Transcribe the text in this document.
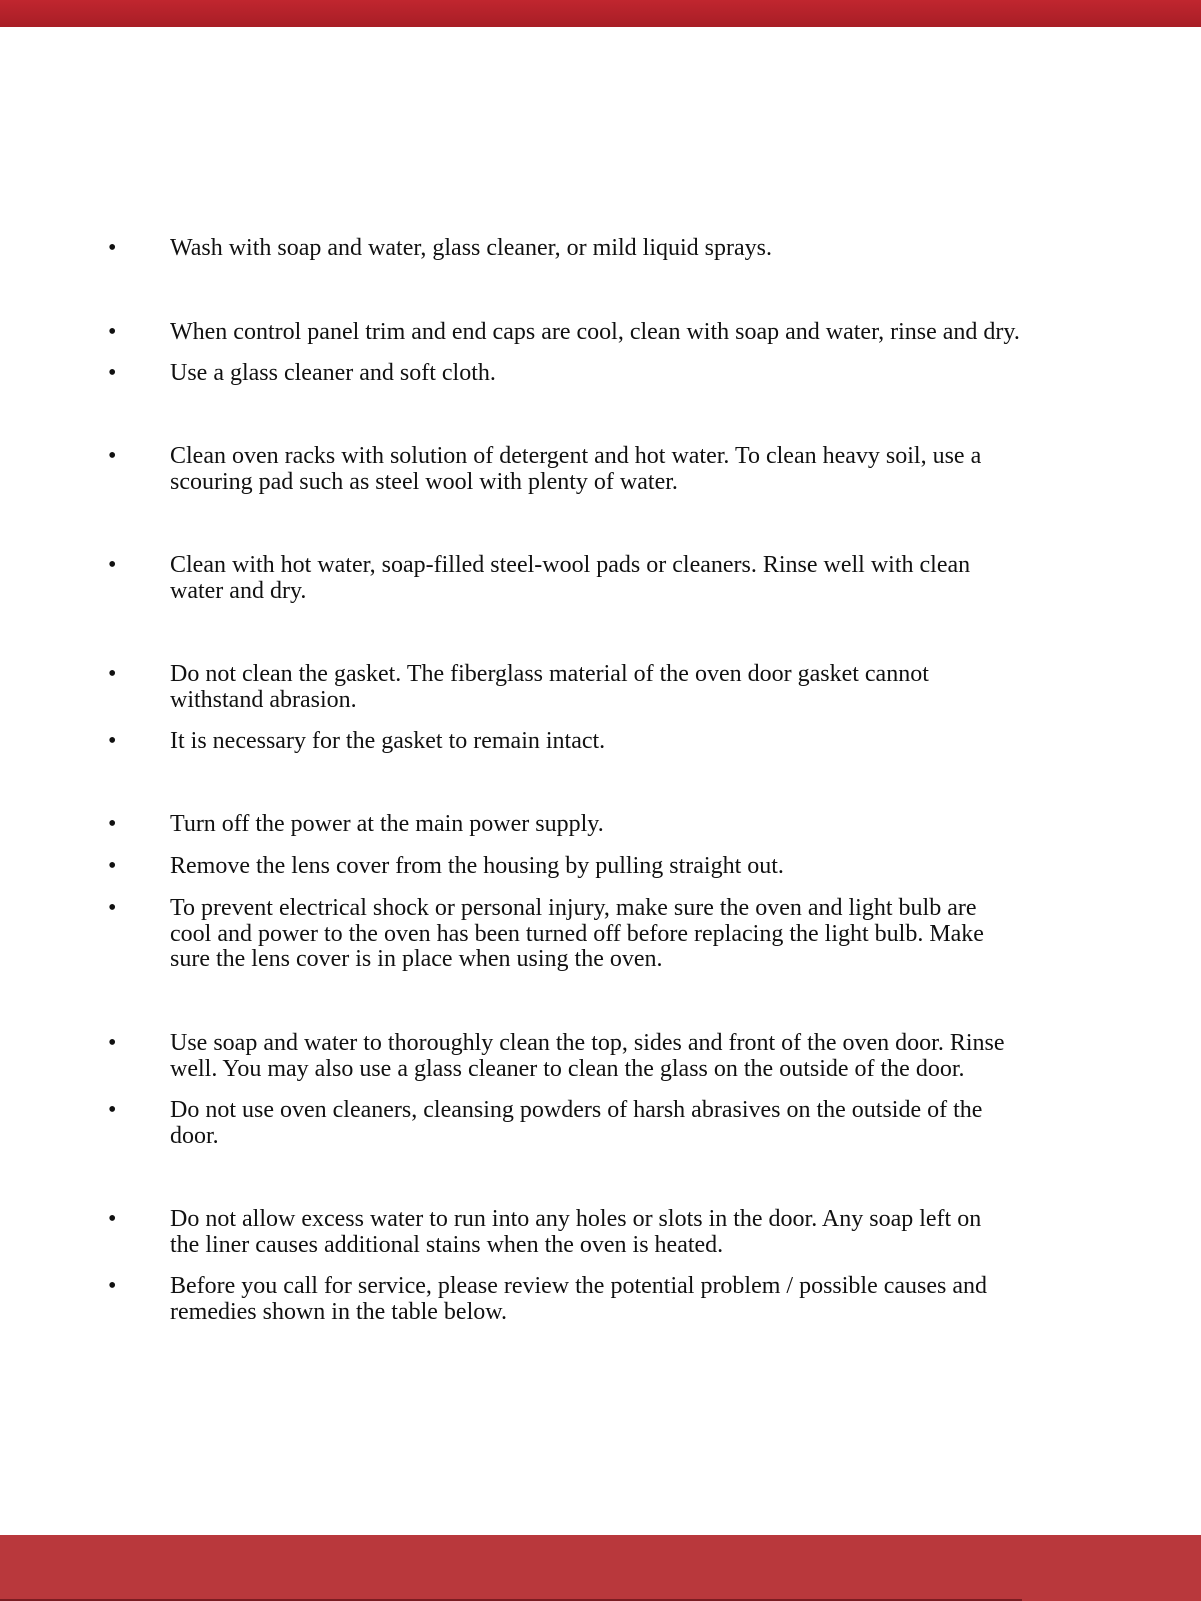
•	Wash with soap and water, glass cleaner, or mild liquid sprays.
•	When control panel trim and end caps are cool, clean with soap and water, rinse and dry.
•	Use a glass cleaner and soft cloth.
•	Clean oven racks with solution of detergent and hot water. To clean heavy soil, use a
scouring pad such as steel wool with plenty of water.
•	Clean with hot water, soap-filled steel-wool pads or cleaners. Rinse well with clean
water and dry.
•	Do not clean the gasket. The fiberglass material of the oven door gasket cannot
withstand abrasion.
•	It is necessary for the gasket to remain intact.
•	Turn off the power at the main power supply.
•	Remove the lens cover from the housing by pulling straight out.
•	To prevent electrical shock or personal injury, make sure the oven and light bulb are
cool and power to the oven has been turned off before replacing the light bulb. Make
sure the lens cover is in place when using the oven.
•	Use soap and water to thoroughly clean the top, sides and front of the oven door. Rinse
well. You may also use a glass cleaner to clean the glass on the outside of the door.
•	Do not use oven cleaners, cleansing powders of harsh abrasives on the outside of the
door.
•	Do not allow excess water to run into any holes or slots in the door. Any soap left on
the liner causes additional stains when the oven is heated.
•	Before you call for service, please review the potential problem / possible causes and
remedies shown in the table below.
